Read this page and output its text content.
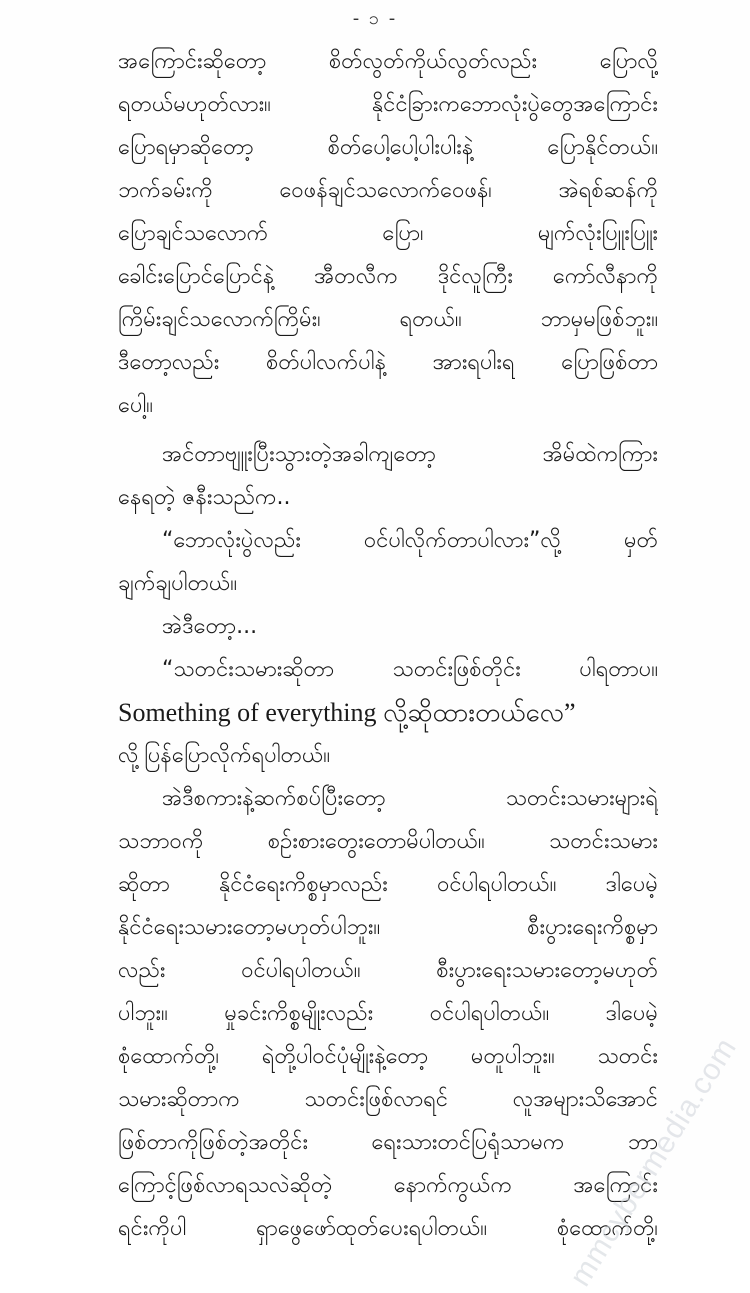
- ၁ -
အကြောင်းဆိုတော့ စိတ်လွတ်ကိုယ်လွတ်လည်း ပြောလို့
ရတယ်မဟုတ်လား။ နိုင်ငံခြားကဘောလုံးပွဲတွေအကြောင်း
ပြောရမှာဆိုတော့ စိတ်ပေါ့ပေါ့ပါးပါးနဲ့ ပြောနိုင်တယ်။
ဘက်ခမ်းကို ဝေဖန်ချင်သလောက်ဝေဖန်၊ အဲရစ်ဆန်ကို
ပြောချင်သလောက် ပြော၊ မျက်လုံးပြူးပြူး
ခေါင်းပြောင်ပြောင်နဲ့ အီတလီက ဒိုင်လူကြီး ကော်လီနာကို
ကြိမ်းချင်သလောက်ကြိမ်း၊ ရတယ်။ ဘာမှမဖြစ်ဘူး။
ဒီတော့လည်း စိတ်ပါလက်ပါနဲ့ အားရပါးရ ပြောဖြစ်တာ
ပေါ့။
အင်တာဗျူးပြီးသွားတဲ့အခါကျတော့ အိမ်ထဲကကြား
နေရတဲ့ ဇနီးသည်က..
“ဘောလုံးပွဲလည်း ဝင်ပါလိုက်တာပါလား”လို့ မှတ်
ချက်ချပါတယ်။
အဲဒီတော့...
“သတင်းသမားဆိုတာ သတင်းဖြစ်တိုင်း ပါရတာပ။
Something of everything လို့ဆိုထားတယ်လေ”
လို့ပြန်ပြောလိုက်ရပါတယ်။
အဲဒီစကားနဲ့ဆက်စပ်ပြီးတော့ သတင်းသမားများရဲ့
သဘာဝကို စဉ်းစားတွေးတောမိပါတယ်။ သတင်းသမား
ဆိုတာ နိုင်ငံရေးကိစ္စမှာလည်း ဝင်ပါရပါတယ်။ ဒါပေမဲ့
နိုင်ငံရေးသမားတော့မဟုတ်ပါဘူး။ စီးပွားရေးကိစ္စမှာ
လည်း ဝင်ပါရပါတယ်။ စီးပွားရေးသမားတော့မဟုတ်
ပါဘူး။ မှုခင်းကိစ္စမျိုးလည်း ဝင်ပါရပါတယ်။ ဒါပေမဲ့
စုံထောက်တို့၊ ရဲတို့ပါဝင်ပုံမျိုးနဲ့တော့ မတူပါဘူး။ သတင်း
သမားဆိုတာက သတင်းဖြစ်လာရင် လူအများသိအောင်
ဖြစ်တာကိုဖြစ်တဲ့အတိုင်း ရေးသားတင်ပြရုံသာမက ဘာ
ကြောင့်ဖြစ်လာရသလဲဆိုတဲ့ နောက်ကွယ်က အကြောင်း
ရင်းကိုပါ ရှာဖွေဖော်ထုတ်ပေးရပါတယ်။ စုံထောက်တို့၊
mmcybermedia.com
